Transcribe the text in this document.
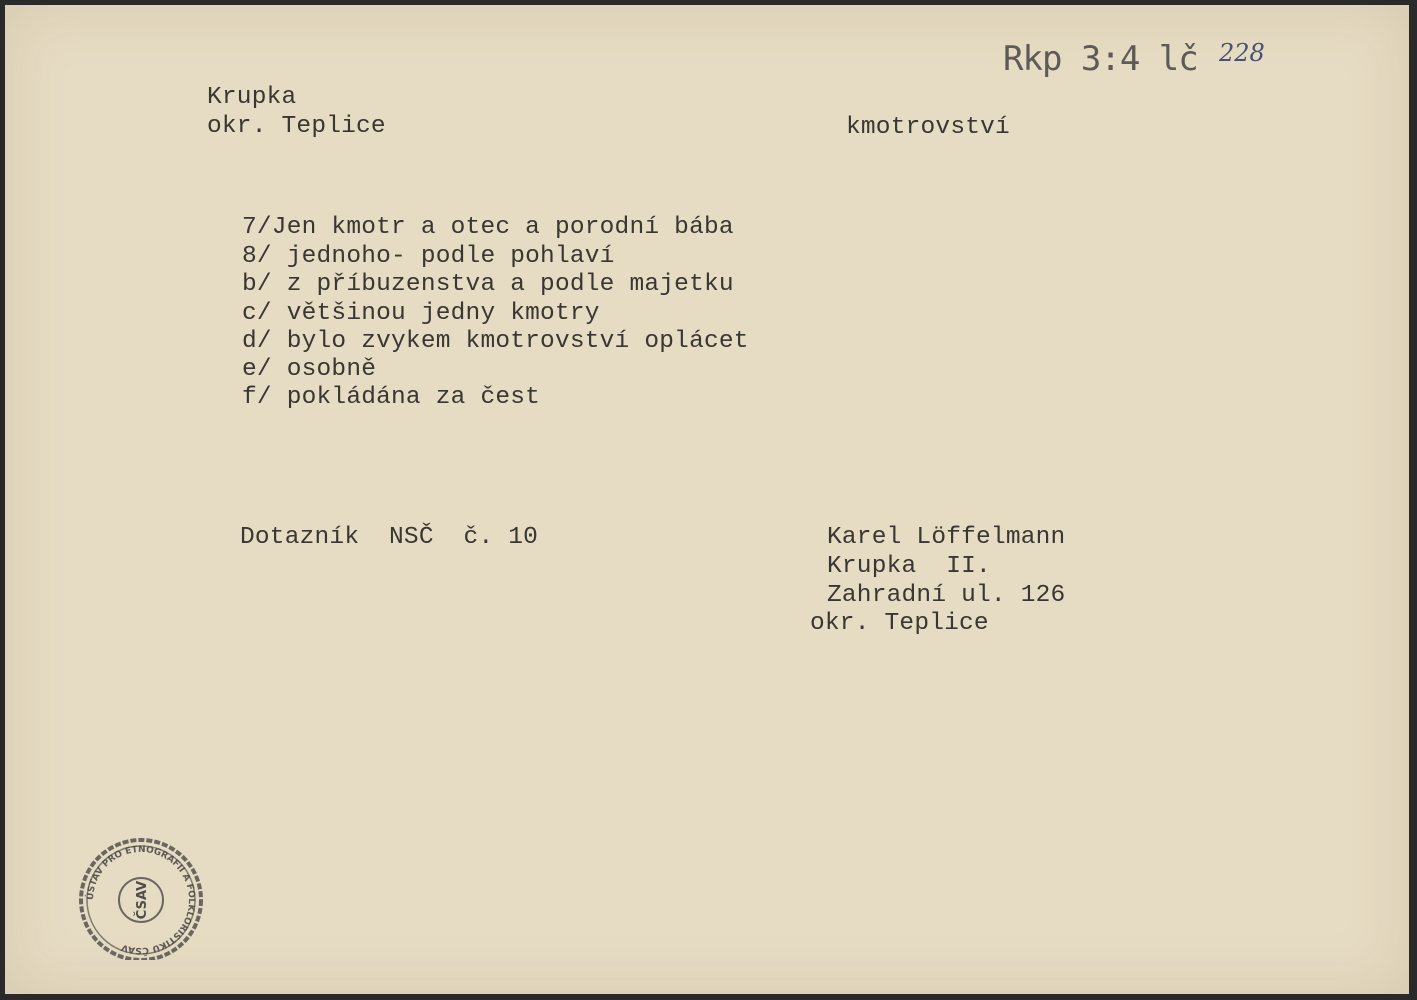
Rkp 3:4 lč 228
Krupka
okr. Teplice	kmotrovství
7/Jen kmotr a otec a porodní bába
8/ jednoho- podle pohlaví
b/ z příbuzenstva a podle majetku
c/ většinou jedny kmotry
d/ bylo zvykem kmotrovství oplácet
e/ osobně
f/ pokládána za čest
Dotazník  NSČ  č. 10	Karel Löffelmann
Krupka  II.
Zahradní ul. 126
okr. Teplice
ÚSTAV PRO ETNOGRAFII A FOLKLORISTIKU ČSAV
ČSAV
